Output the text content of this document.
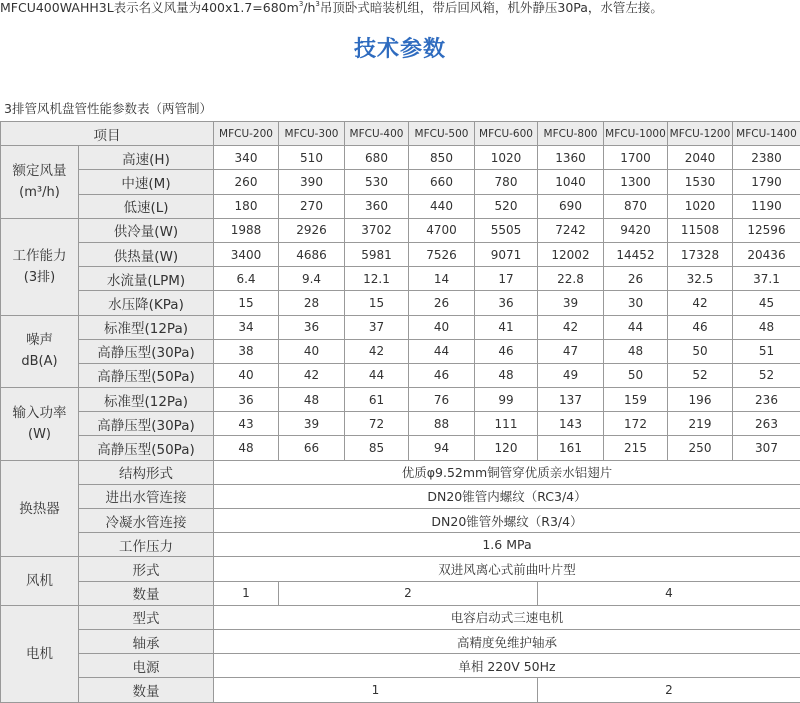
MFCU400WAHH3L表示名义风量为$400x1.7=680m^3/h^3$吊顶卧式暗装机组，带后回风箱，机外静压30Pa，水管左接。
技术参数
3排管风机盘管性能参数表（两管制）
项目		MFCU-200	MFCU-300	MFCU-400	MFCU-500	MFCU-600	MFCU-800	MFCU-1000	MFCU-1200	MFCU-1400

额定风量
(m³/h)	高速(H)	340	510	680	850	1020	1360	1700	2040	2380
	中速(M)	260	390	530	660	780	1040	1300	1530	1790
	低速(L)	180	270	360	440	520	690	870	1020	1190

工作能力
(3排)	供冷量(W)	1988	2926	3702	4700	5505	7242	9420	11508	12596
	供热量(W)	3400	4686	5981	7526	9071	12002	14452	17328	20436
	水流量(LPM)	6.4	9.4	12.1	14	17	22.8	26	32.5	37.1
	水压降(KPa)	15	28	15	26	36	39	30	42	45

噪声
dB(A)	标准型(12Pa)	34	36	37	40	41	42	44	46	48
	高静压型(30Pa)	38	40	42	44	46	47	48	50	51
	高静压型(50Pa)	40	42	44	46	48	49	50	52	52

输入功率
(W)	标准型(12Pa)	36	48	61	76	99	137	159	196	236
	高静压型(30Pa)	43	39	72	88	111	143	172	219	263
	高静压型(50Pa)	48	66	85	94	120	161	215	250	307
换热器	结构形式	优质φ9.52mm铜管穿优质亲水铝翅片								
	进出水管连接	DN20锥管内螺纹（RC3/4）								
	冷凝水管连接	DN20锥管外螺纹（R3/4）								
	工作压力	1.6 MPa								
风机	形式	双进风离心式前曲叶片型								
	数量	1	2				4			
电机	型式	电容启动式三速电机								
	轴承	高精度免维护轴承								
	电源	单相 220V 50Hz								
	数量	1					2			
